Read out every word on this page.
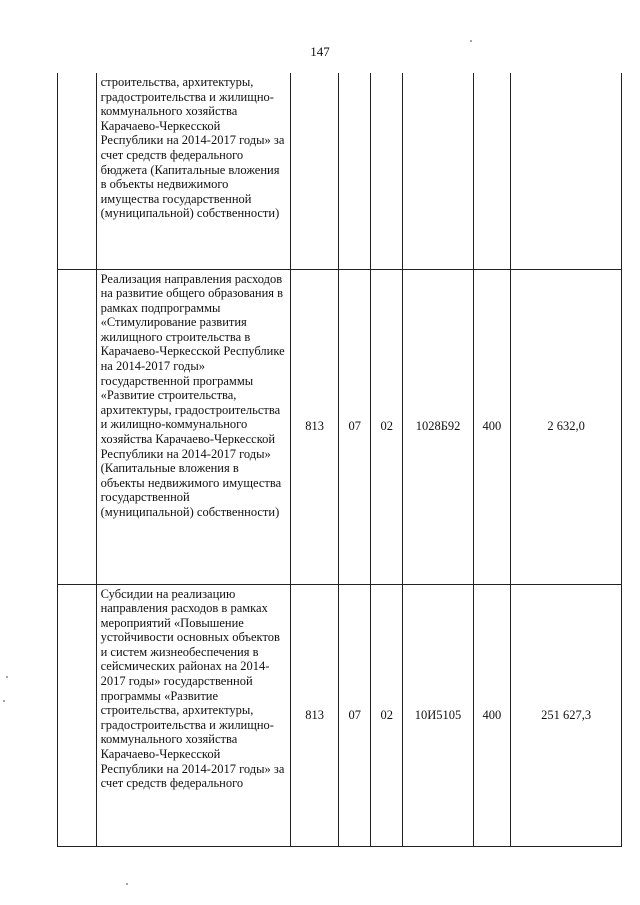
147
	строительства, архитектуры, градостроительства и жилищно-коммунального хозяйства Карачаево-Черкесской Республики на 2014-2017 годы» за счет средств федерального бюджета (Капитальные вложения в объекты недвижимого имущества государственной (муниципальной) собственности)						
	Реализация направления расходов на развитие общего образования в рамках подпрограммы «Стимулирование развития жилищного строительства в Карачаево-Черкесской Республике на 2014-2017 годы» государственной программы «Развитие строительства, архитектуры, градостроительства и жилищно-коммунального хозяйства Карачаево-Черкесской Республики на 2014-2017 годы» (Капитальные вложения в объекты недвижимого имущества государственной (муниципальной) собственности)	813	07	02	1028Б92	400	2 632,0
	Субсидии на реализацию направления расходов в рамках мероприятий «Повышение устойчивости основных объектов и систем жизнеобеспечения в сейсмических районах на 2014-2017 годы» государственной программы «Развитие строительства, архитектуры, градостроительства и жилищно-коммунального хозяйства Карачаево-Черкесской Республики на 2014-2017 годы» за счет средств федерального	813	07	02	10И5105	400	251 627,3
